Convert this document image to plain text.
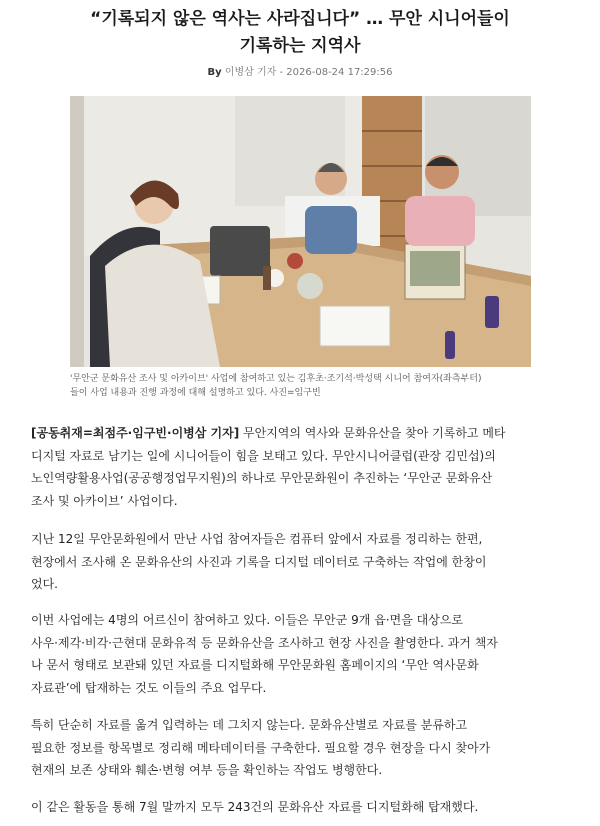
“기록되지 않은 역사는 사라집니다” … 무안 시니어들이
기록하는 지역사
By 이병삼 기자 - 2026-08-24 17:29:56
'무안군 문화유산 조사 및 아카이브' 사업에 참여하고 있는 김후초·조기석·박성택 시니어 참여자(좌측부터)
들이 사업 내용과 진행 과정에 대해 설명하고 있다. 사진=임구빈
[공동취재=최점주·임구빈·이병삼 기자] 무안지역의 역사와 문화유산을 찾아 기록하고 메타
디지털 자료로 남기는 일에 시니어들이 힘을 보태고 있다. 무안시니어클럽(관장 김민섭)의
노인역량활용사업(공공행정업무지원)의 하나로 무안문화원이 추진하는 ‘무안군 문화유산
조사 및 아카이브’ 사업이다.
지난 12일 무안문화원에서 만난 사업 참여자들은 컴퓨터 앞에서 자료를 정리하는 한편,
현장에서 조사해 온 문화유산의 사진과 기록을 디지털 데이터로 구축하는 작업에 한창이
었다.
이번 사업에는 4명의 어르신이 참여하고 있다. 이들은 무안군 9개 읍·면을 대상으로
사우·제각·비각·근현대 문화유적 등 문화유산을 조사하고 현장 사진을 촬영한다. 과거 책자
나 문서 형태로 보관돼 있던 자료를 디지털화해 무안문화원 홈페이지의 ‘무안 역사문화
자료관’에 탑재하는 것도 이들의 주요 업무다.
특히 단순히 자료를 옮겨 입력하는 데 그치지 않는다. 문화유산별로 자료를 분류하고
필요한 정보를 항목별로 정리해 메타데이터를 구축한다. 필요할 경우 현장을 다시 찾아가
현재의 보존 상태와 훼손·변형 여부 등을 확인하는 작업도 병행한다.
이 같은 활동을 통해 7월 말까지 모두 243건의 문화유산 자료를 디지털화해 탑재했다.
